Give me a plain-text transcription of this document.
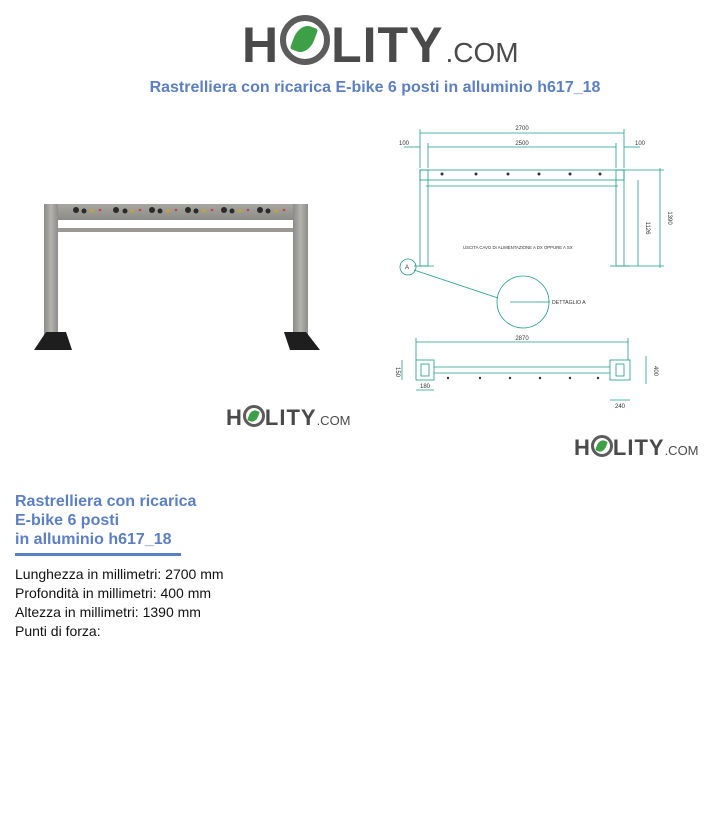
H LITY .COM
Rastrelliera con ricarica E-bike 6 posti in alluminio h617_18
2700
100	2500	100
1126
1390
USCITA CAVO DI ALIMENTAZIONE A DX OPPURE A SX
A
DETTAGLIO A
2870
150
180
400
240
H LITY .COM
H LITY .COM
Rastrelliera con ricarica
E-bike 6 posti
in alluminio h617_18
Lunghezza in millimetri: 2700 mm
Profondità in millimetri: 400 mm
Altezza in millimetri: 1390 mm
Punti di forza:
